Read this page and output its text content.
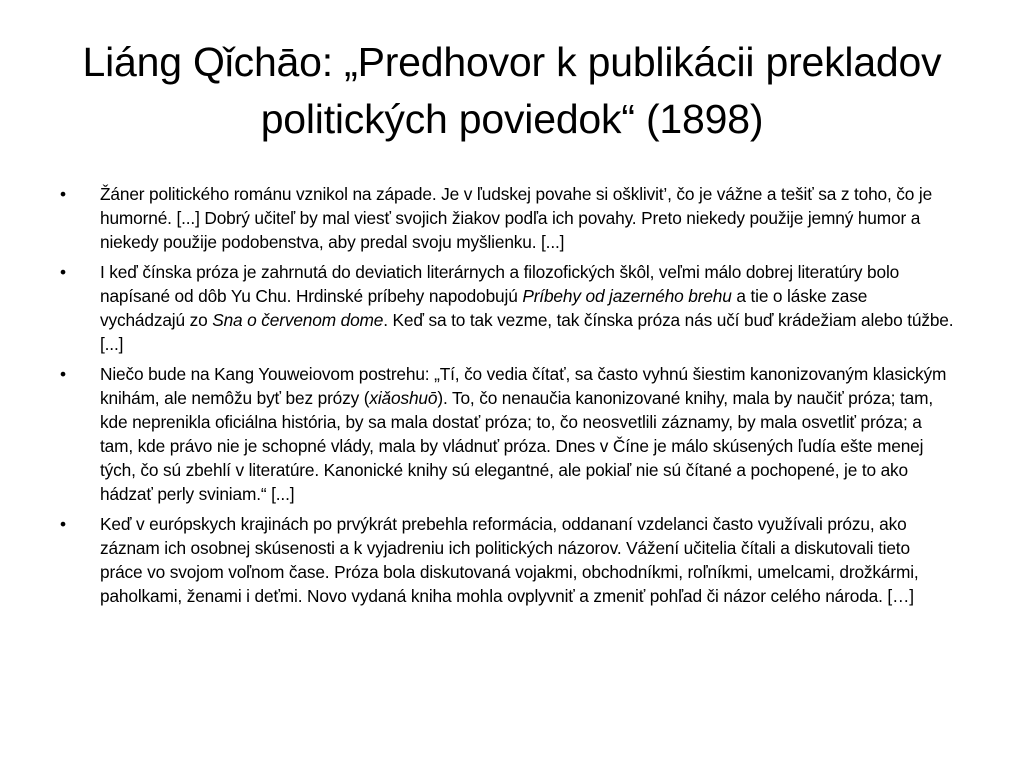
Liáng Qǐchāo: „Predhovor k publikácii prekladov politických poviedok“ (1898)
•	Žáner politického románu vznikol na západe. Je v ľudskej povahe si ošklivit’, čo je vážne a tešiť sa z toho, čo je humorné. [...] Dobrý učiteľ by mal viesť svojich žiakov podľa ich povahy. Preto niekedy použije jemný humor a niekedy použije podobenstva, aby predal svoju myšlienku. [...]
•	I keď čínska próza je zahrnutá do deviatich literárnych a filozofických škôl, veľmi málo dobrej literatúry bolo napísané od dôb Yu Chu. Hrdinské príbehy napodobujú Príbehy od jazerného brehu a tie o láske zase vychádzajú zo Sna o červenom dome. Keď sa to tak vezme, tak čínska próza nás učí buď krádežiam alebo túžbe. [...]
•	Niečo bude na Kang Youweiovom postrehu: „Tí, čo vedia čítať, sa často vyhnú šiestim kanonizovaným klasickým knihám, ale nemôžu byť bez prózy (xiǎoshuō). To, čo nenaučia kanonizované knihy, mala by naučiť próza; tam, kde neprenikla oficiálna história, by sa mala dostať próza; to, čo neosvetlili záznamy, by mala osvetliť próza; a tam, kde právo nie je schopné vlády, mala by vládnuť próza. Dnes v Číne je málo skúsených ľudía ešte menej tých, čo sú zbehlí v literatúre. Kanonické knihy sú elegantné, ale pokiaľ nie sú čítané a pochopené, je to ako hádzať perly sviniam.“ [...]
•	Keď v európskych krajinách po prvýkrát prebehla reformácia, oddananí vzdelanci často využívali prózu, ako záznam ich osobnej skúsenosti a k vyjadreniu ich politických názorov. Vážení učitelia čítali a diskutovali tieto práce vo svojom voľnom čase. Próza bola diskutovaná vojakmi, obchodníkmi, roľníkmi, umelcami, drožkármi, paholkami, ženami i deťmi. Novo vydaná kniha mohla ovplyvniť a zmeniť pohľad či názor celého národa. […]
